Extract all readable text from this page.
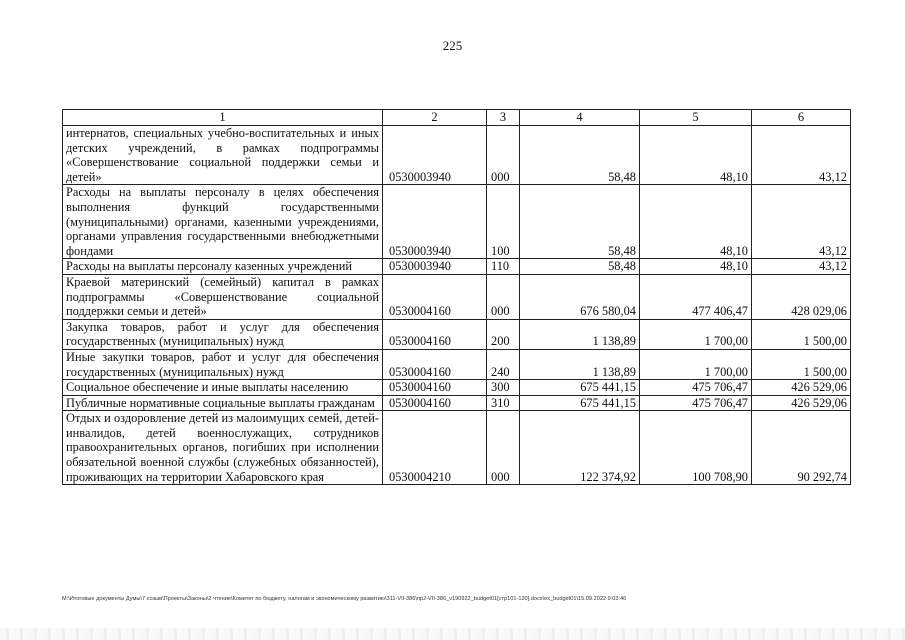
225
1	2	3	4	5	6
интернатов, специальных учебно-воспитательных и иных детских учреждений, в рамках подпрограммы «Совершенствование социальной поддержки семьи и детей»	0530003940	000	58,48	48,10	43,12
Расходы на выплаты персоналу в целях обеспечения выполнения функций государственными (муниципальными) органами, казенными учреждениями, органами управления государственными внебюджетными фондами	0530003940	100	58,48	48,10	43,12
Расходы на выплаты персоналу казенных учреждений	0530003940	110	58,48	48,10	43,12
Краевой материнский (семейный) капитал в рамках подпрограммы «Совершенствование социальной поддержки семьи и детей»	0530004160	000	676 580,04	477 406,47	428 029,06
Закупка товаров, работ и услуг для обеспечения государственных (муниципальных) нужд	0530004160	200	1 138,89	1 700,00	1 500,00
Иные закупки товаров, работ и услуг для обеспечения государственных (муниципальных) нужд	0530004160	240	1 138,89	1 700,00	1 500,00
Социальное обеспечение и иные выплаты населению	0530004160	300	675 441,15	475 706,47	426 529,06
Публичные нормативные социальные выплаты гражданам	0530004160	310	675 441,15	475 706,47	426 529,06
Отдых и оздоровление детей из малоимущих семей, детей-инвалидов, детей военнослужащих, сотрудников правоохранительных органов, погибших при исполнении обязательной военной службы (служебных обязанностей), проживающих на территории Хабаровского края	0530004210	000	122 374,92	100 708,90	90 292,74
M:\Итоговые документы Думы\7 созыв\Проекты\Законы\2 чтение\Комитет по бюджету, налогам и экономическому развитию\311-VII-386\пр2-VII-386_v190922_budget01[стр101-120].docx\ex_budget01\15.09.2022 9:03:46
